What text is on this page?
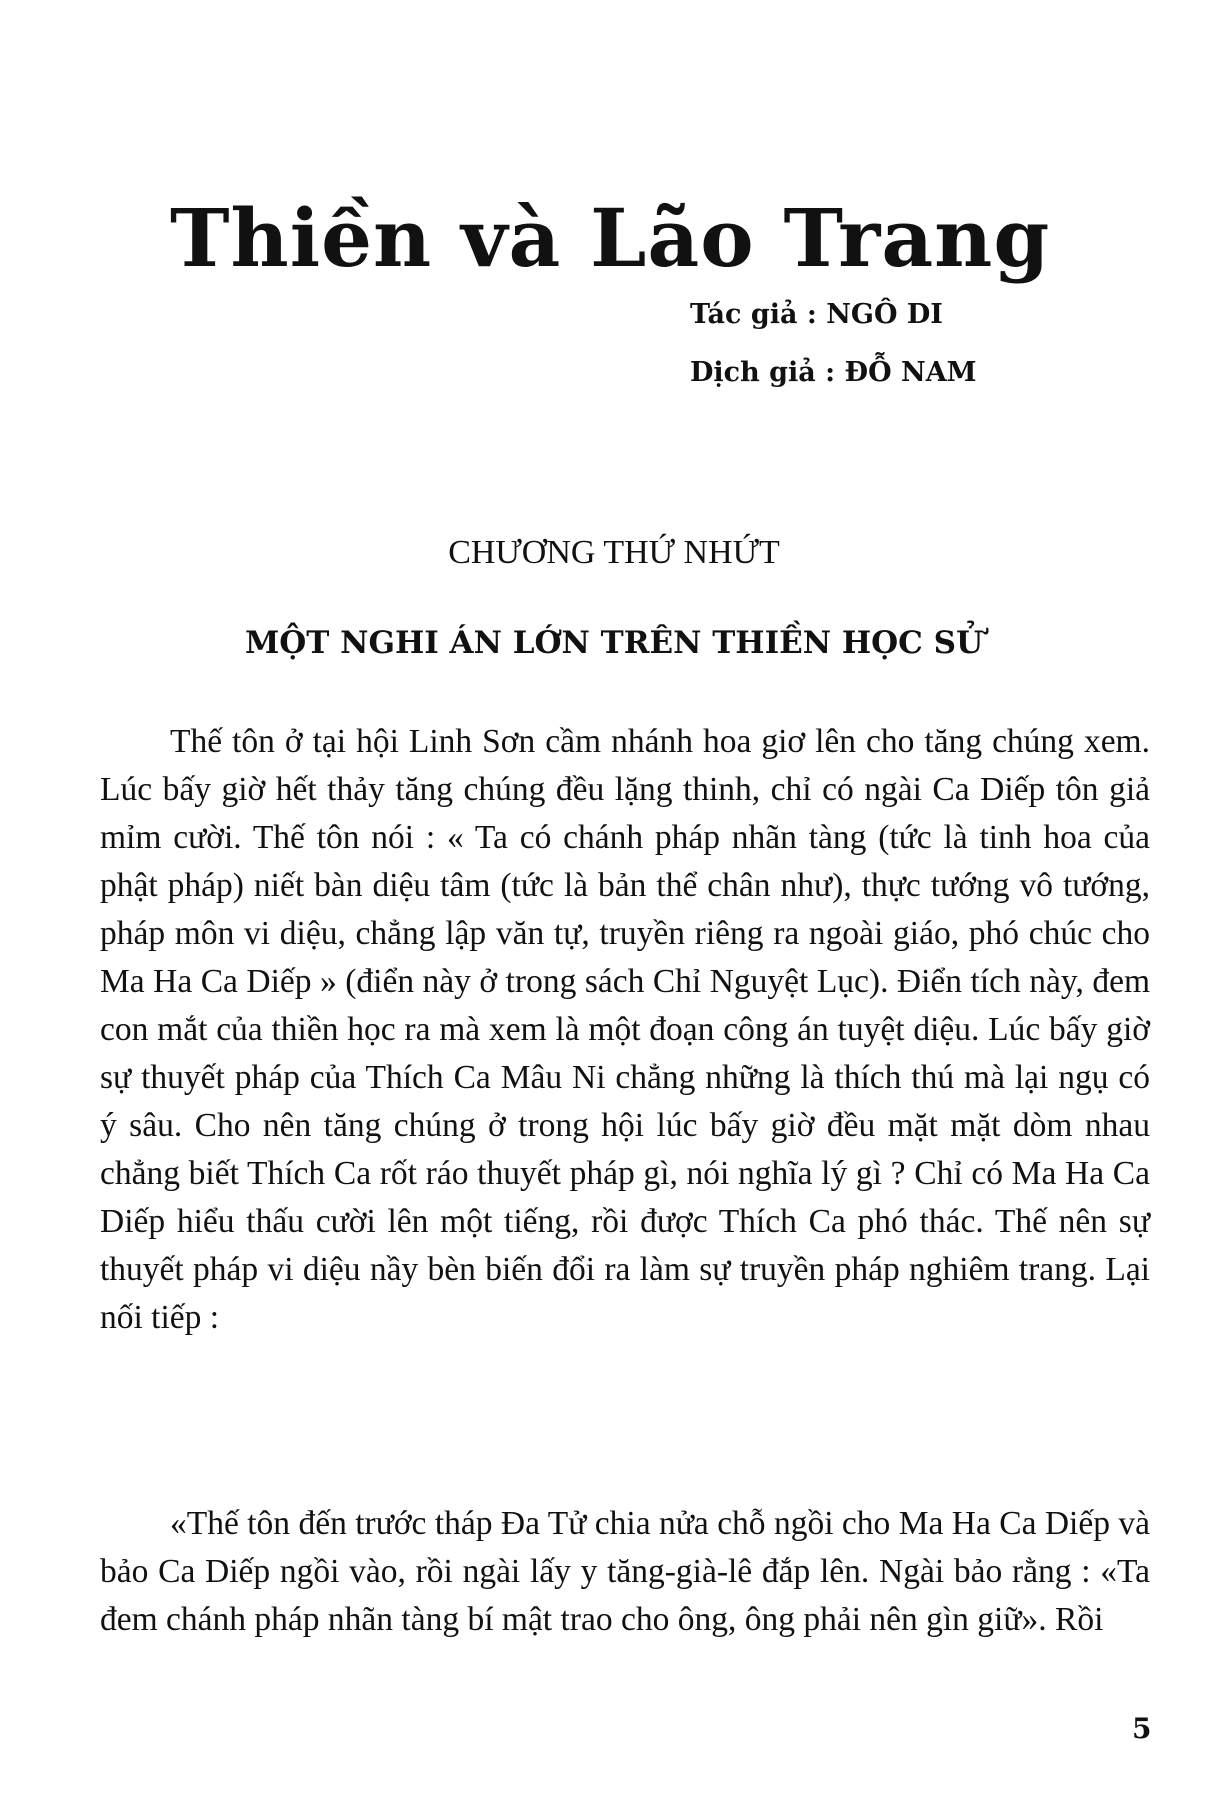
Thiền và Lão Trang
Tác giả : NGÔ DI
Dịch giả : ĐỖ NAM
CHƯƠNG THỨ NHỨT
MỘT NGHI ÁN LỚN TRÊN THIỀN HỌC SỬ

Thế tôn ở tại hội Linh Sơn cầm nhánh hoa giơ lên cho tăng chúng xem. Lúc bấy giờ hết thảy tăng chúng đều lặng thinh, chỉ có ngài Ca Diếp tôn giả mỉm cười. Thế tôn nói : « Ta có chánh pháp nhãn tàng (tức là tinh hoa của phật pháp) niết bàn diệu tâm (tức là bản thể chân như), thực tướng vô tướng, pháp môn vi diệu, chẳng lập văn tự, truyền riêng ra ngoài giáo, phó chúc cho Ma Ha Ca Diếp » (điển này ở trong sách Chỉ Nguyệt Lục). Điển tích này, đem con mắt của thiền học ra mà xem là một đoạn công án tuyệt diệu. Lúc bấy giờ sự thuyết pháp của Thích Ca Mâu Ni chẳng những là thích thú mà lại ngụ có ý sâu. Cho nên tăng chúng ở trong hội lúc bấy giờ đều mặt mặt dòm nhau chẳng biết Thích Ca rốt ráo thuyết pháp gì, nói nghĩa lý gì ? Chỉ có Ma Ha Ca Diếp hiểu thấu cười lên một tiếng, rồi được Thích Ca phó thác. Thế nên sự thuyết pháp vi diệu nầy bèn biến đổi ra làm sự truyền pháp nghiêm trang. Lại nối tiếp :

«Thế tôn đến trước tháp Đa Tử chia nửa chỗ ngồi cho Ma Ha Ca Diếp và bảo Ca Diếp ngồi vào, rồi ngài lấy y tăng-già-lê đắp lên. Ngài bảo rằng : «Ta đem chánh pháp nhãn tàng bí mật trao cho ông, ông phải nên gìn giữ». Rồi

5
